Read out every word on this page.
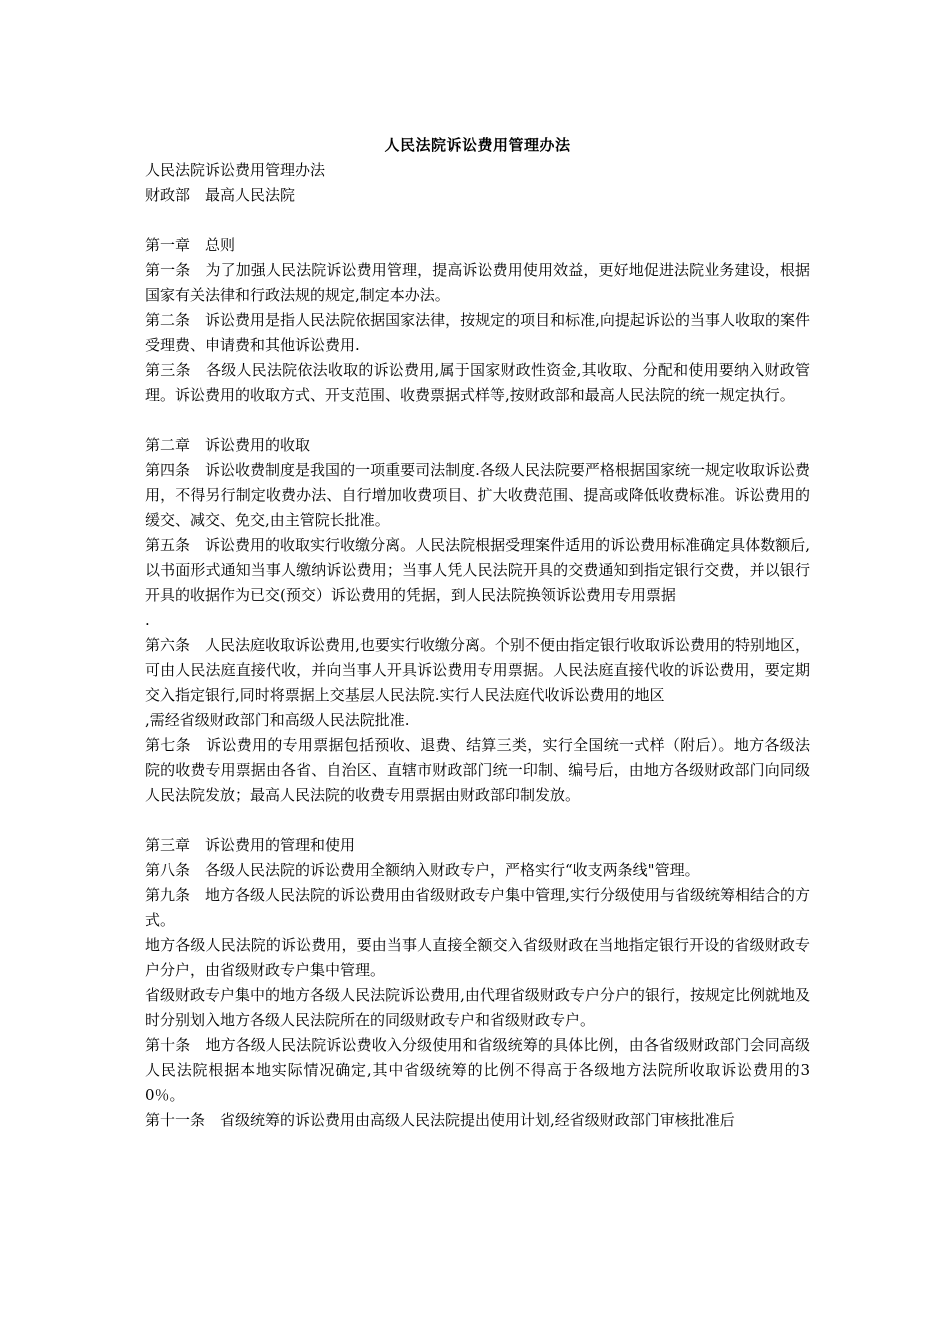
人民法院诉讼费用管理办法

人民法院诉讼费用管理办法

财政部　最高人民法院

第一章　总则

第一条　为了加强人民法院诉讼费用管理，提高诉讼费用使用效益，更好地促进法院业务建设，根据国家有关法律和行政法规的规定,制定本办法。

第二条　诉讼费用是指人民法院依据国家法律，按规定的项目和标准,向提起诉讼的当事人收取的案件受理费、申请费和其他诉讼费用.

第三条　各级人民法院依法收取的诉讼费用,属于国家财政性资金,其收取、分配和使用要纳入财政管理。诉讼费用的收取方式、开支范围、收费票据式样等,按财政部和最高人民法院的统一规定执行。

第二章　诉讼费用的收取

第四条　诉讼收费制度是我国的一项重要司法制度.各级人民法院要严格根据国家统一规定收取诉讼费用，不得另行制定收费办法、自行增加收费项目、扩大收费范围、提高或降低收费标准。诉讼费用的缓交、减交、免交,由主管院长批准。

第五条　诉讼费用的收取实行收缴分离。人民法院根据受理案件适用的诉讼费用标准确定具体数额后,以书面形式通知当事人缴纳诉讼费用；当事人凭人民法院开具的交费通知到指定银行交费，并以银行开具的收据作为已交(预交）诉讼费用的凭据，到人民法院换领诉讼费用专用票据

.

第六条　人民法庭收取诉讼费用,也要实行收缴分离。个别不便由指定银行收取诉讼费用的特别地区，可由人民法庭直接代收，并向当事人开具诉讼费用专用票据。人民法庭直接代收的诉讼费用，要定期交入指定银行,同时将票据上交基层人民法院.实行人民法庭代收诉讼费用的地区

,需经省级财政部门和高级人民法院批准.

第七条　诉讼费用的专用票据包括预收、退费、结算三类，实行全国统一式样（附后）。地方各级法院的收费专用票据由各省、自治区、直辖市财政部门统一印制、编号后，由地方各级财政部门向同级人民法院发放；最高人民法院的收费专用票据由财政部印制发放。

第三章　诉讼费用的管理和使用

第八条　各级人民法院的诉讼费用全额纳入财政专户，严格实行“收支两条线"管理。

第九条　地方各级人民法院的诉讼费用由省级财政专户集中管理,实行分级使用与省级统筹相结合的方式。

地方各级人民法院的诉讼费用，要由当事人直接全额交入省级财政在当地指定银行开设的省级财政专户分户，由省级财政专户集中管理。

省级财政专户集中的地方各级人民法院诉讼费用,由代理省级财政专户分户的银行，按规定比例就地及时分别划入地方各级人民法院所在的同级财政专户和省级财政专户。

第十条　地方各级人民法院诉讼费收入分级使用和省级统筹的具体比例，由各省级财政部门会同高级人民法院根据本地实际情况确定,其中省级统筹的比例不得高于各级地方法院所收取诉讼费用的30％。

第十一条　省级统筹的诉讼费用由高级人民法院提出使用计划,经省级财政部门审核批准后
